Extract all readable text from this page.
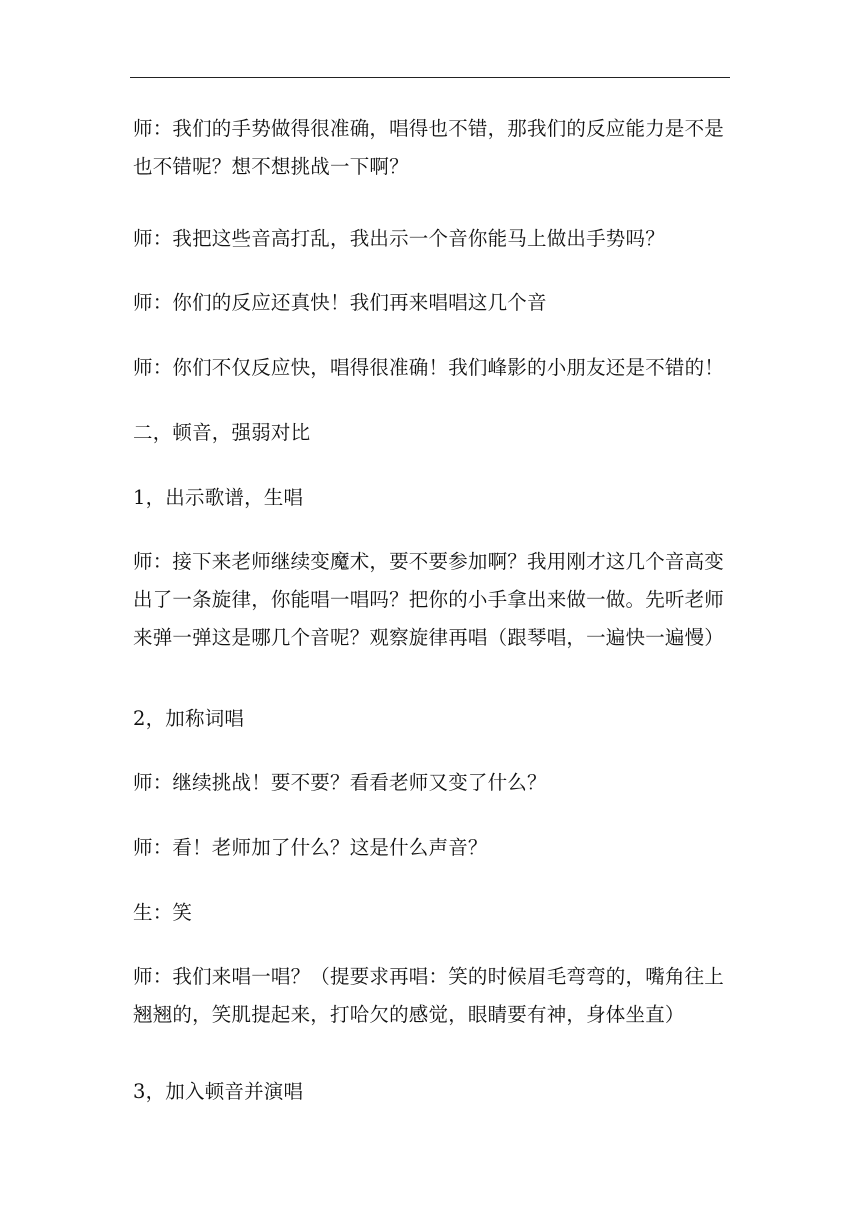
师：我们的手势做得很准确，唱得也不错，那我们的反应能力是不是也不错呢？想不想挑战一下啊？

师：我把这些音高打乱，我出示一个音你能马上做出手势吗？

师：你们的反应还真快！我们再来唱唱这几个音

师：你们不仅反应快，唱得很准确！我们峰影的小朋友还是不错的！

二，顿音，强弱对比

1，出示歌谱，生唱

师：接下来老师继续变魔术，要不要参加啊？我用刚才这几个音高变出了一条旋律，你能唱一唱吗？把你的小手拿出来做一做。先听老师来弹一弹这是哪几个音呢？观察旋律再唱（跟琴唱，一遍快一遍慢）

2，加称词唱

师：继续挑战！要不要？看看老师又变了什么？

师：看！老师加了什么？这是什么声音？

生：笑

师：我们来唱一唱？（提要求再唱：笑的时候眉毛弯弯的，嘴角往上翘翘的，笑肌提起来，打哈欠的感觉，眼睛要有神，身体坐直）

3，加入顿音并演唱
